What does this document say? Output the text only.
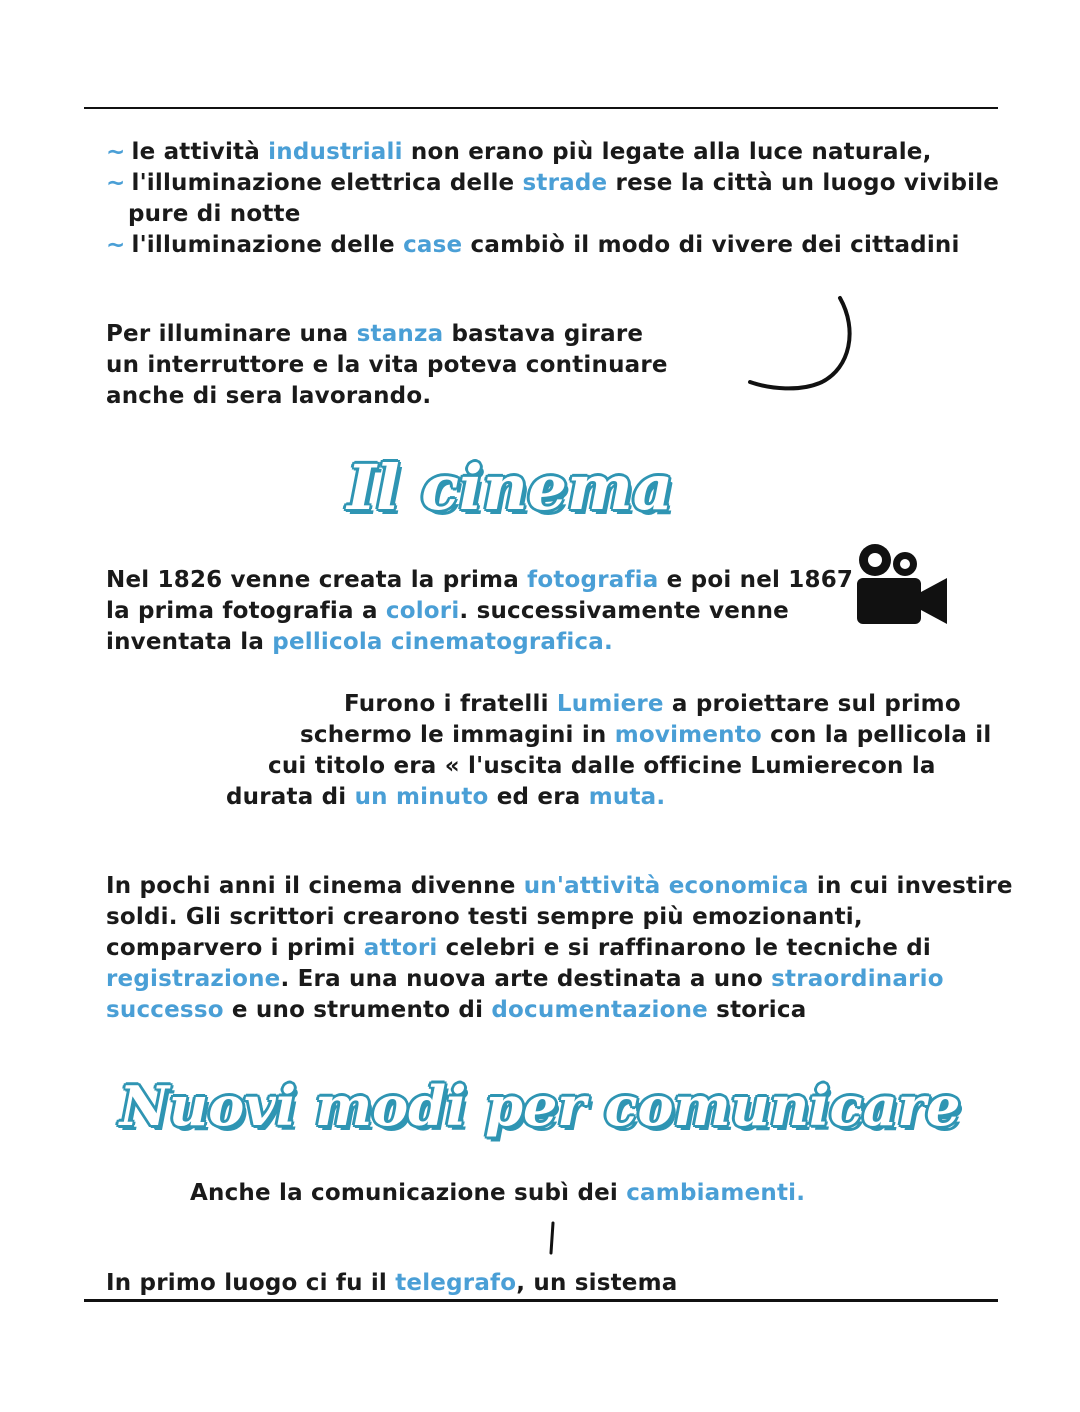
~ le attività industriali non erano più legate alla luce naturale,

~ l'illuminazione elettrica delle strade rese la città un luogo vivibile

pure di notte

~ l'illuminazione delle case cambiò il modo di vivere dei cittadini

Per illuminare una stanza bastava girare

un interruttore e la vita poteva continuare

anche di sera lavorando.

Il cinema

Nel 1826 venne creata la prima fotografia e poi nel 1867

la prima fotografia a colori. successivamente venne

inventata la pellicola cinematografica.

Furono i fratelli Lumiere a proiettare sul primo

schermo le immagini in movimento con la pellicola il

cui titolo era « l'uscita dalle officine Lumierecon la

durata di un minuto ed era muta.

In pochi anni il cinema divenne un'attività economica in cui investire

soldi. Gli scrittori crearono testi sempre più emozionanti,

comparvero i primi attori celebri e si raffinarono le tecniche di

registrazione. Era una nuova arte destinata a uno straordinario

successo e uno strumento di documentazione storica

Nuovi modi per comunicare

Anche la comunicazione subì dei cambiamenti.

In primo luogo ci fu il telegrafo, un sistema
